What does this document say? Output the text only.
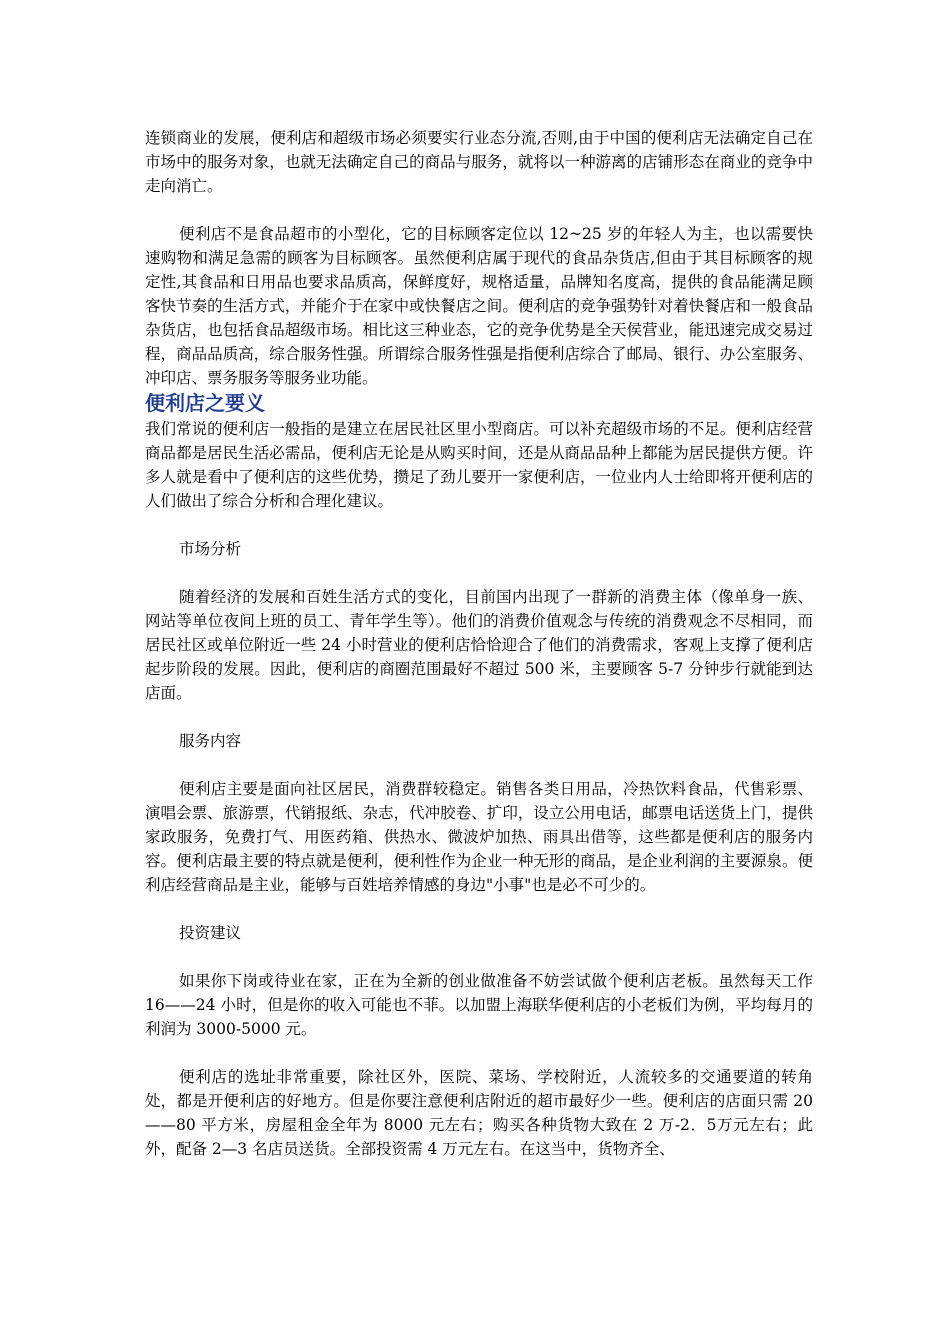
连锁商业的发展，便利店和超级市场必须要实行业态分流,否则,由于中国的便利店无法确定自己在市场中的服务对象，也就无法确定自己的商品与服务，就将以一种游离的店铺形态在商业的竞争中走向消亡。

便利店不是食品超市的小型化，它的目标顾客定位以 12~25 岁的年轻人为主，也以需要快速购物和满足急需的顾客为目标顾客。虽然便利店属于现代的食品杂货店,但由于其目标顾客的规定性,其食品和日用品也要求品质高，保鲜度好，规格适量，品牌知名度高，提供的食品能满足顾客快节奏的生活方式，并能介于在家中或快餐店之间。便利店的竞争强势针对着快餐店和一般食品杂货店，也包括食品超级市场。相比这三种业态，它的竞争优势是全天侯营业，能迅速完成交易过程，商品品质高，综合服务性强。所谓综合服务性强是指便利店综合了邮局、银行、办公室服务、冲印店、票务服务等服务业功能。

便利店之要义

我们常说的便利店一般指的是建立在居民社区里小型商店。可以补充超级市场的不足。便利店经营商品都是居民生活必需品，便利店无论是从购买时间，还是从商品品种上都能为居民提供方便。许多人就是看中了便利店的这些优势，攒足了劲儿要开一家便利店，一位业内人士给即将开便利店的人们做出了综合分析和合理化建议。

市场分析

随着经济的发展和百姓生活方式的变化，目前国内出现了一群新的消费主体（像单身一族、网站等单位夜间上班的员工、青年学生等）。他们的消费价值观念与传统的消费观念不尽相同，而居民社区或单位附近一些 24 小时营业的便利店恰恰迎合了他们的消费需求，客观上支撑了便利店起步阶段的发展。因此，便利店的商圈范围最好不超过 500 米，主要顾客 5-7 分钟步行就能到达店面。

服务内容

便利店主要是面向社区居民，消费群较稳定。销售各类日用品，冷热饮料食品，代售彩票、演唱会票、旅游票，代销报纸、杂志，代冲胶卷、扩印，设立公用电话，邮票电话送货上门，提供家政服务，免费打气、用医药箱、供热水、微波炉加热、雨具出借等，这些都是便利店的服务内容。便利店最主要的特点就是便利，便利性作为企业一种无形的商品，是企业利润的主要源泉。便利店经营商品是主业，能够与百姓培养情感的身边"小事"也是必不可少的。

投资建议

如果你下岗或待业在家，正在为全新的创业做准备不妨尝试做个便利店老板。虽然每天工作 16——24 小时，但是你的收入可能也不菲。以加盟上海联华便利店的小老板们为例，平均每月的利润为 3000-5000 元。

便利店的选址非常重要，除社区外，医院、菜场、学校附近，人流较多的交通要道的转角处，都是开便利店的好地方。但是你要注意便利店附近的超市最好少一些。便利店的店面只需 20——80 平方米，房屋租金全年为 8000 元左右；购买各种货物大致在 2 万-2．5万元左右；此外，配备 2—3 名店员送货。全部投资需 4 万元左右。在这当中，货物齐全、
